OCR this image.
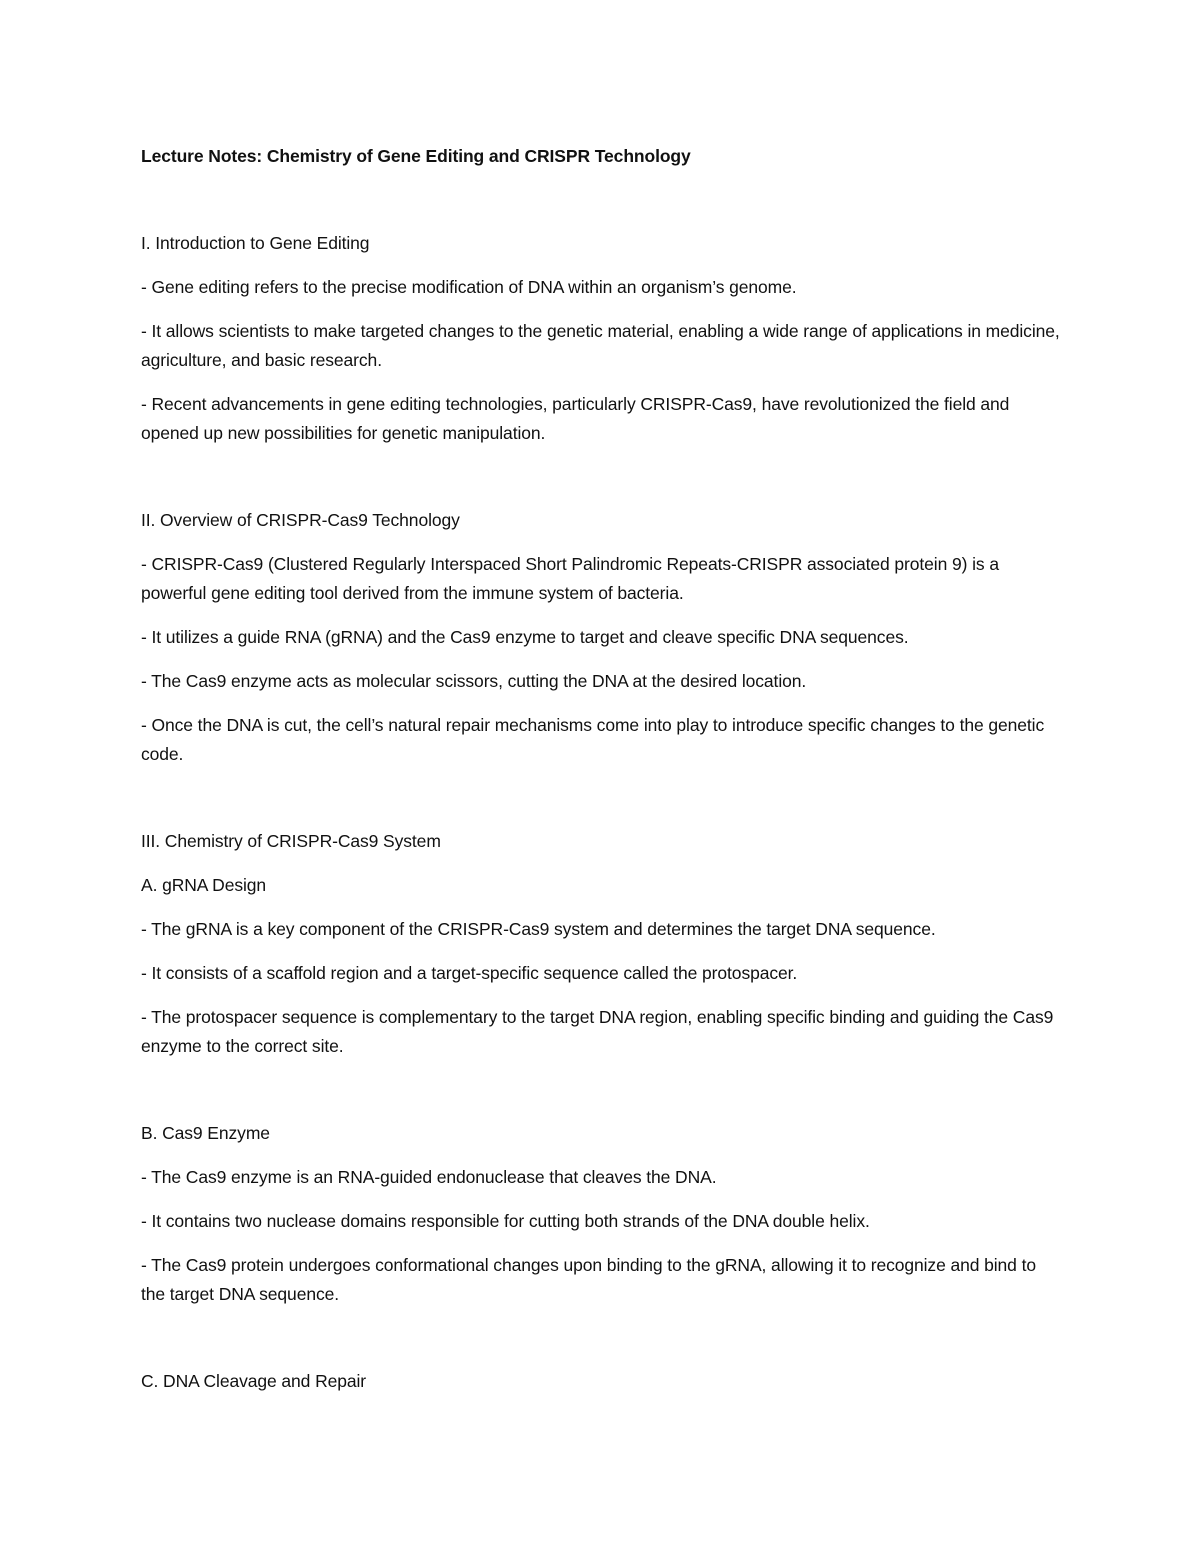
Lecture Notes: Chemistry of Gene Editing and CRISPR Technology
I. Introduction to Gene Editing
- Gene editing refers to the precise modification of DNA within an organism’s genome.
- It allows scientists to make targeted changes to the genetic material, enabling a wide range of applications in medicine, agriculture, and basic research.
- Recent advancements in gene editing technologies, particularly CRISPR-Cas9, have revolutionized the field and opened up new possibilities for genetic manipulation.
II. Overview of CRISPR-Cas9 Technology
- CRISPR-Cas9 (Clustered Regularly Interspaced Short Palindromic Repeats-CRISPR associated protein 9) is a powerful gene editing tool derived from the immune system of bacteria.
- It utilizes a guide RNA (gRNA) and the Cas9 enzyme to target and cleave specific DNA sequences.
- The Cas9 enzyme acts as molecular scissors, cutting the DNA at the desired location.
- Once the DNA is cut, the cell’s natural repair mechanisms come into play to introduce specific changes to the genetic code.
III. Chemistry of CRISPR-Cas9 System
A. gRNA Design
- The gRNA is a key component of the CRISPR-Cas9 system and determines the target DNA sequence.
- It consists of a scaffold region and a target-specific sequence called the protospacer.
- The protospacer sequence is complementary to the target DNA region, enabling specific binding and guiding the Cas9 enzyme to the correct site.
B. Cas9 Enzyme
- The Cas9 enzyme is an RNA-guided endonuclease that cleaves the DNA.
- It contains two nuclease domains responsible for cutting both strands of the DNA double helix.
- The Cas9 protein undergoes conformational changes upon binding to the gRNA, allowing it to recognize and bind to the target DNA sequence.
C. DNA Cleavage and Repair
